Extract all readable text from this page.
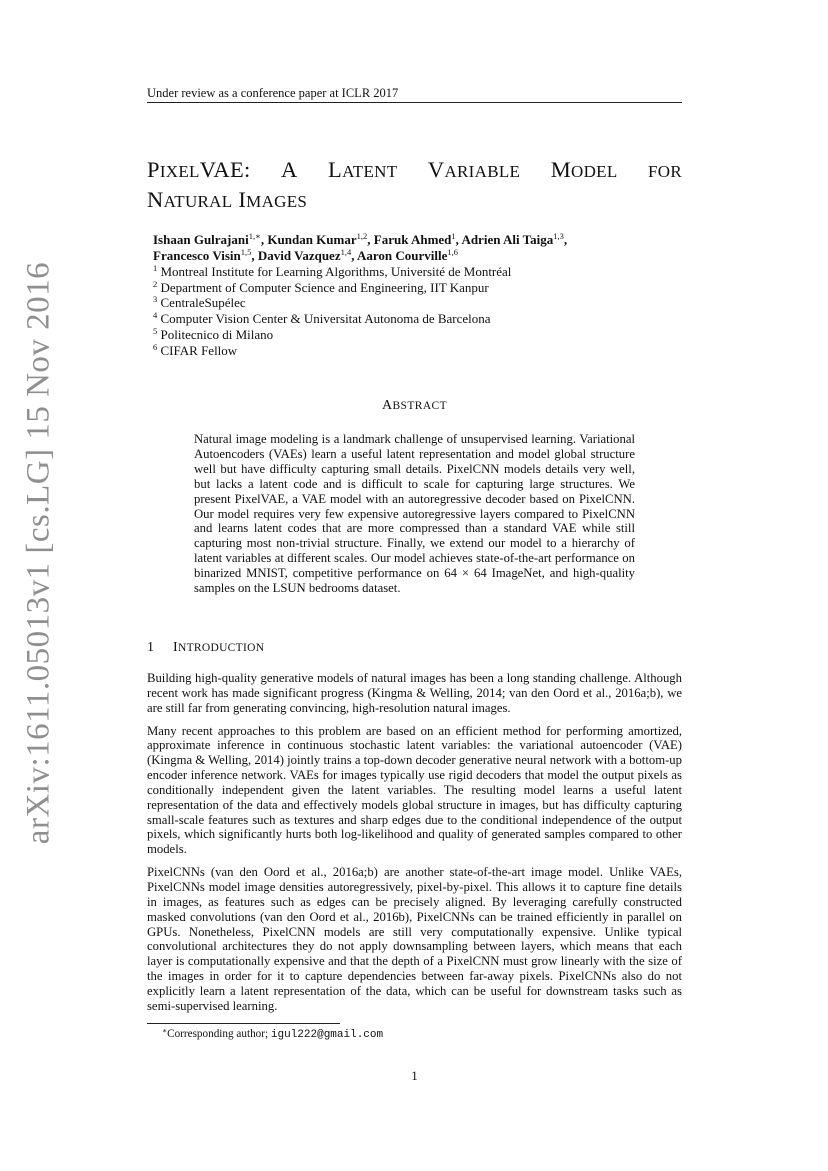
Under review as a conference paper at ICLR 2017
arXiv:1611.05013v1 [cs.LG] 15 Nov 2016
PIXELVAE: A LATENT VARIABLE MODEL FOR
NATURAL IMAGES
Ishaan Gulrajani$^{1,∗}$, Kundan Kumar$^{1,2}$, Faruk Ahmed$^1$, Adrien Ali Taiga$^{1,3}$,
Francesco Visin$^{1,5}$, David Vazquez$^{1,4}$, Aaron Courville$^{1,6}$
$^1$ Montreal Institute for Learning Algorithms, Université de Montréal
$^2$ Department of Computer Science and Engineering, IIT Kanpur
$^3$ CentraleSupélec
$^4$ Computer Vision Center & Universitat Autonoma de Barcelona
$^5$ Politecnico di Milano
$^6$ CIFAR Fellow
ABSTRACT
Natural image modeling is a landmark challenge of unsupervised learning. Variational Autoencoders (VAEs) learn a useful latent representation and model global structure well but have difficulty capturing small details. PixelCNN models details very well, but lacks a latent code and is difficult to scale for capturing large structures. We present PixelVAE, a VAE model with an autoregressive decoder based on PixelCNN. Our model requires very few expensive autoregressive layers compared to PixelCNN and learns latent codes that are more compressed than a standard VAE while still capturing most non-trivial structure. Finally, we extend our model to a hierarchy of latent variables at different scales. Our model achieves state-of-the-art performance on binarized MNIST, competitive performance on 64 × 64 ImageNet, and high-quality samples on the LSUN bedrooms dataset.
1 INTRODUCTION

Building high-quality generative models of natural images has been a long standing challenge. Although recent work has made significant progress (Kingma & Welling, 2014; van den Oord et al., 2016a;b), we are still far from generating convincing, high-resolution natural images.

Many recent approaches to this problem are based on an efficient method for performing amortized, approximate inference in continuous stochastic latent variables: the variational autoencoder (VAE) (Kingma & Welling, 2014) jointly trains a top-down decoder generative neural network with a bottom-up encoder inference network. VAEs for images typically use rigid decoders that model the output pixels as conditionally independent given the latent variables. The resulting model learns a useful latent representation of the data and effectively models global structure in images, but has difficulty capturing small-scale features such as textures and sharp edges due to the conditional independence of the output pixels, which significantly hurts both log-likelihood and quality of generated samples compared to other models.

PixelCNNs (van den Oord et al., 2016a;b) are another state-of-the-art image model. Unlike VAEs, PixelCNNs model image densities autoregressively, pixel-by-pixel. This allows it to capture fine details in images, as features such as edges can be precisely aligned. By leveraging carefully constructed masked convolutions (van den Oord et al., 2016b), PixelCNNs can be trained efficiently in parallel on GPUs. Nonetheless, PixelCNN models are still very computationally expensive. Unlike typical convolutional architectures they do not apply downsampling between layers, which means that each layer is computationally expensive and that the depth of a PixelCNN must grow linearly with the size of the images in order for it to capture dependencies between far-away pixels. PixelCNNs also do not explicitly learn a latent representation of the data, which can be useful for downstream tasks such as semi-supervised learning.

∗Corresponding author; igul222@gmail.com
1
